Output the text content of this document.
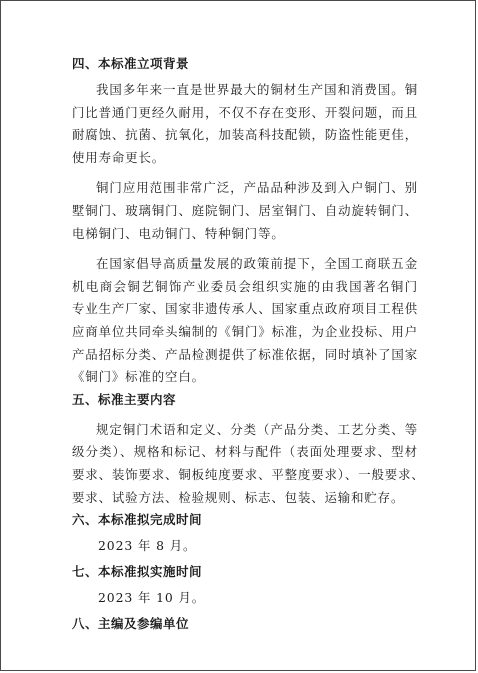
四、本标准立项背景

我国多年来一直是世界最大的铜材生产国和消费国。铜
门比普通门更经久耐用，不仅不存在变形、开裂问题，而且
耐腐蚀、抗菌、抗氧化，加装高科技配锁，防盗性能更佳，
使用寿命更长。

铜门应用范围非常广泛，产品品种涉及到入户铜门、别
墅铜门、玻璃铜门、庭院铜门、居室铜门、自动旋转铜门、
电梯铜门、电动铜门、特种铜门等。

在国家倡导高质量发展的政策前提下，全国工商联五金
机电商会铜艺铜饰产业委员会组织实施的由我国著名铜门
专业生产厂家、国家非遗传承人、国家重点政府项目工程供
应商单位共同牵头编制的《铜门》标准，为企业投标、用户
产品招标分类、产品检测提供了标准依据，同时填补了国家
《铜门》标准的空白。

五、标准主要内容

规定铜门术语和定义、分类（产品分类、工艺分类、等
级分类）、规格和标记、材料与配件（表面处理要求、型材
要求、装饰要求、铜板纯度要求、平整度要求）、一般要求、
要求、试验方法、检验规则、标志、包装、运输和贮存。

六、本标准拟完成时间

2023 年 8 月。

七、本标准拟实施时间

2023 年 10 月。

八、主编及参编单位
